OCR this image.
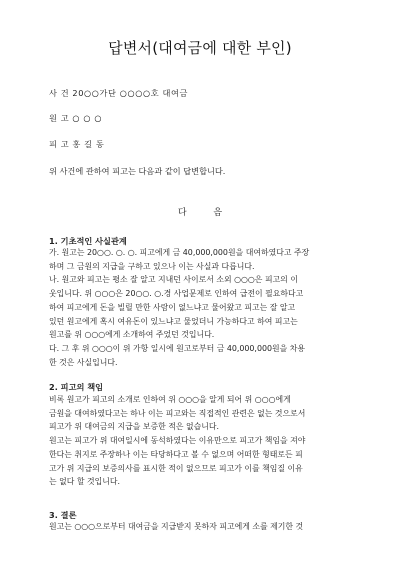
답변서(대여금에 대한 부인)
사 건 20○○가단 ○○○○호 대여금
원 고 ○ ○ ○
피 고 홍 길 동
위 사건에 관하여 피고는 다음과 같이 답변합니다.
다 음
1. 기초적인 사실관계
가. 원고는 20○○. ○. ○. 피고에게 금 40,000,000원을 대여하였다고 주장
하며 그 금원의 지급을 구하고 있으나 이는 사실과 다릅니다.
나. 원고와 피고는 평소 잘 알고 지내던 사이로서 소외 ○○○은 피고의 이
웃입니다. 위 ○○○은 20○○. ○.경 사업문제로 인하여 급전이 필요하다고
하여 피고에게 돈을 빌릴 만한 사람이 없느냐고 물어왔고 피고는 잘 알고
있던 원고에게 혹시 여유돈이 있느냐고 물었더니 가능하다고 하여 피고는
원고를 위 ○○○에게 소개하여 주었던 것입니다.
다. 그 후 위 ○○○이 위 가항 일시에 원고로부터 금 40,000,000원을 차용
한 것은 사실입니다.
2. 피고의 책임
비록 원고가 피고의 소개로 인하여 위 ○○○을 알게 되어 위 ○○○에게
금원을 대여하였다고는 하나 이는 피고와는 직접적인 관련은 없는 것으로서
피고가 위 대여금의 지급을 보증한 적은 없습니다.
원고는 피고가 위 대여일시에 동석하였다는 이유만으로 피고가 책임을 져야
한다는 취지로 주장하나 이는 타당하다고 볼 수 없으며 어떠한 형태로든 피
고가 위 지급의 보증의사를 표시한 적이 없으므로 피고가 이를 책임질 이유
는 없다 할 것입니다.
3. 결론
원고는 ○○○으로부터 대여금을 지급받지 못하자 피고에게 소를 제기한 것
